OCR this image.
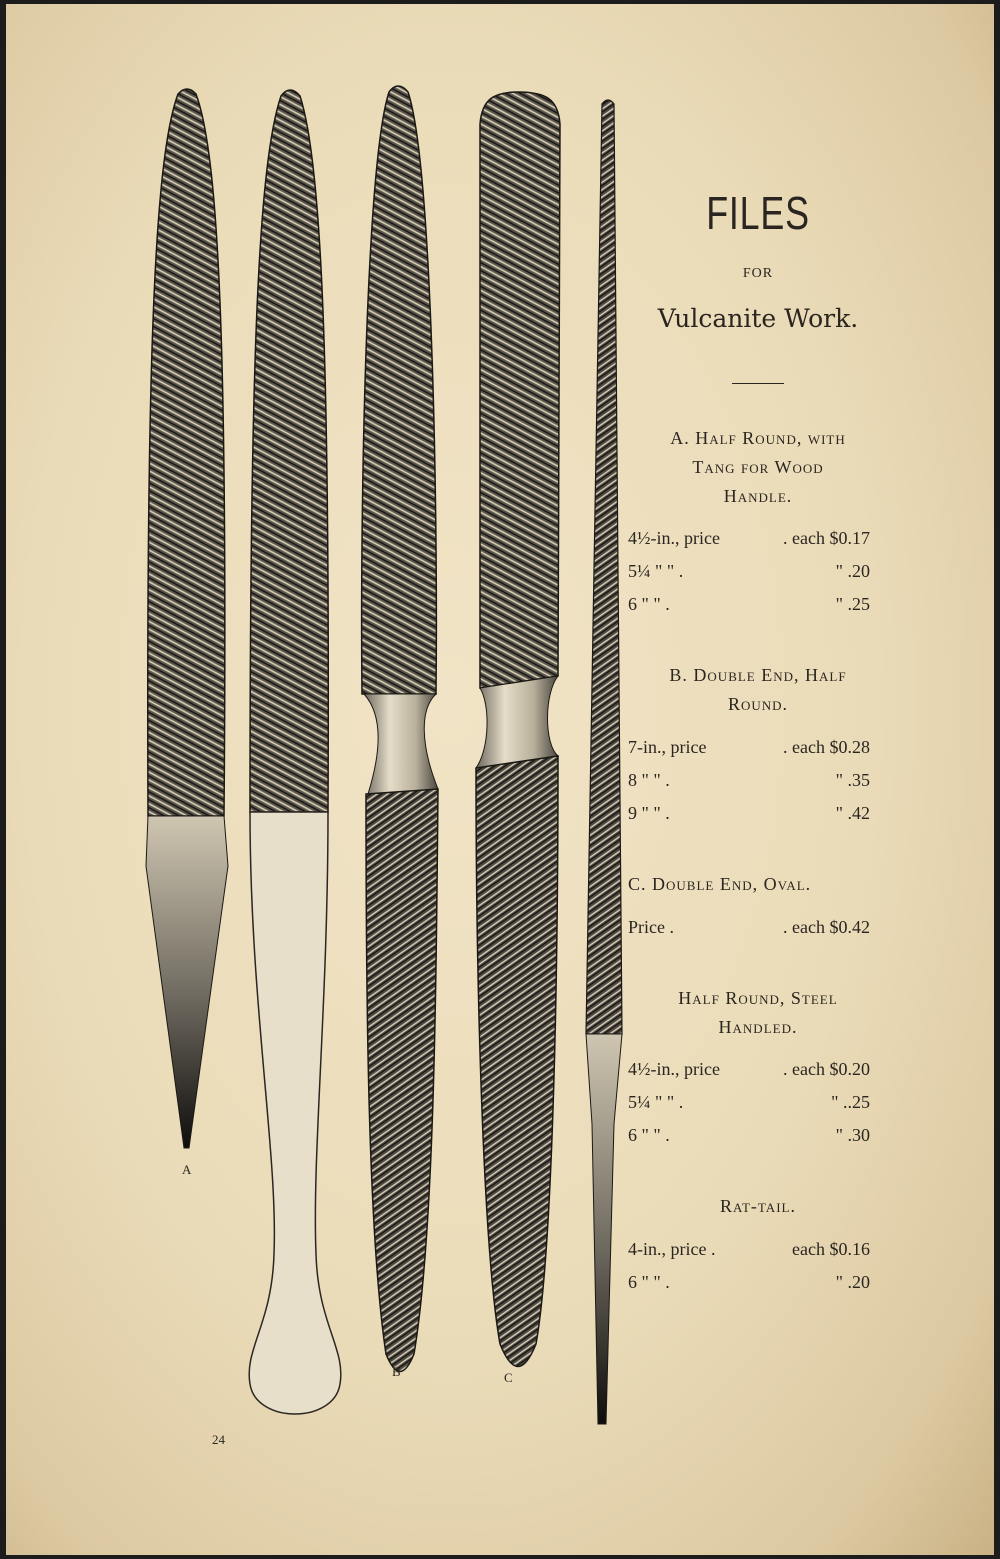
A
B	C
24
FILES
FOR
Vulcanite Work.
A. Half Round, with
Tang for Wood
Handle.
4½-in., price	. each $0.17
5¼ " " .	" .20
6 " " .	" .25
B. Double End, Half
Round.
7-in., price	. each $0.28
8 " " .	" .35
9 " " .	" .42
C. Double End, Oval.
Price .	. each $0.42
Half Round, Steel
Handled.
4½-in., price	. each $0.20
5¼ " " .	" ..25
6 " " .	" .30
Rat-tail.
4-in., price .	each $0.16
6 " " .	" .20
